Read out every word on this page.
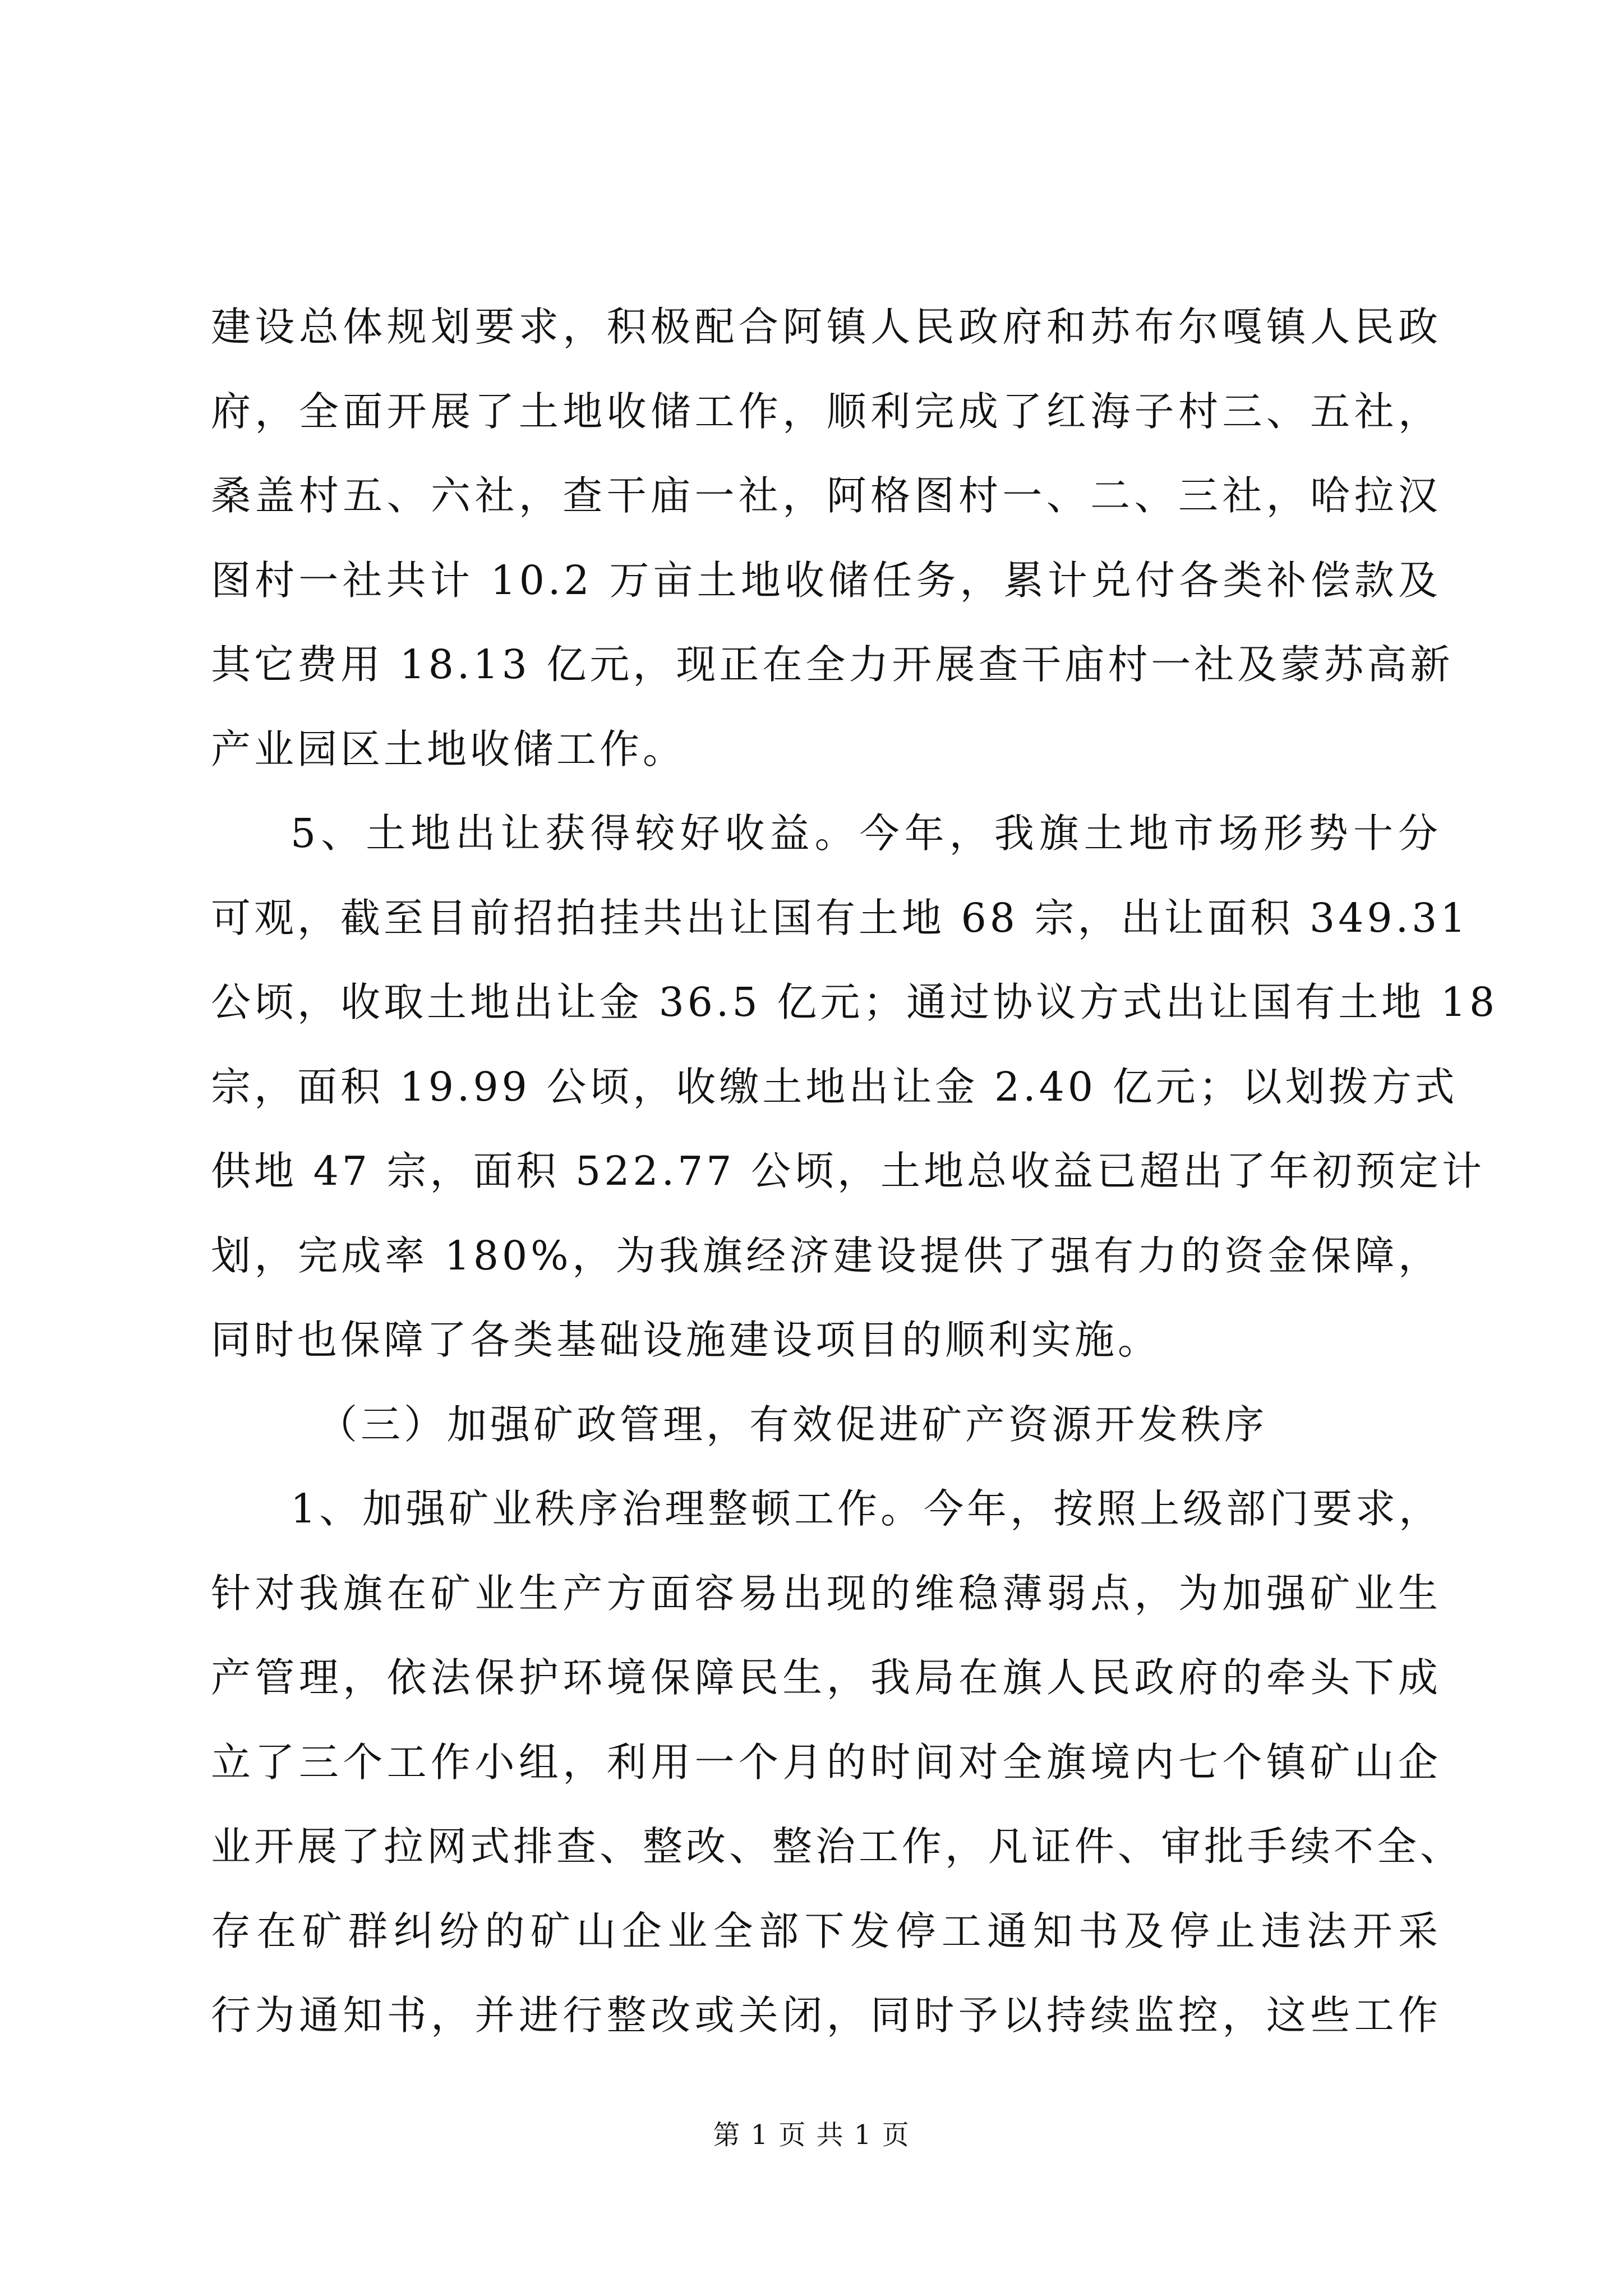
建设总体规划要求，积极配合阿镇人民政府和苏布尔嘎镇人民政
府，全面开展了土地收储工作，顺利完成了红海子村三、五社，
桑盖村五、六社，查干庙一社，阿格图村一、二、三社，哈拉汉
图村一社共计 10.2 万亩土地收储任务，累计兑付各类补偿款及
其它费用 18.13 亿元，现正在全力开展查干庙村一社及蒙苏高新
产业园区土地收储工作。
5、土地出让获得较好收益。今年，我旗土地市场形势十分
可观，截至目前招拍挂共出让国有土地 68 宗，出让面积 349.31
公顷，收取土地出让金 36.5 亿元；通过协议方式出让国有土地 18
宗，面积 19.99 公顷，收缴土地出让金 2.40 亿元；以划拨方式
供地 47 宗，面积 522.77 公顷，土地总收益已超出了年初预定计
划，完成率 180%，为我旗经济建设提供了强有力的资金保障，
同时也保障了各类基础设施建设项目的顺利实施。
（三）加强矿政管理，有效促进矿产资源开发秩序
1、加强矿业秩序治理整顿工作。今年，按照上级部门要求，
针对我旗在矿业生产方面容易出现的维稳薄弱点，为加强矿业生
产管理，依法保护环境保障民生，我局在旗人民政府的牵头下成
立了三个工作小组，利用一个月的时间对全旗境内七个镇矿山企
业开展了拉网式排查、整改、整治工作，凡证件、审批手续不全、
存在矿群纠纷的矿山企业全部下发停工通知书及停止违法开采
行为通知书，并进行整改或关闭，同时予以持续监控，这些工作
第 1 页 共 1 页
